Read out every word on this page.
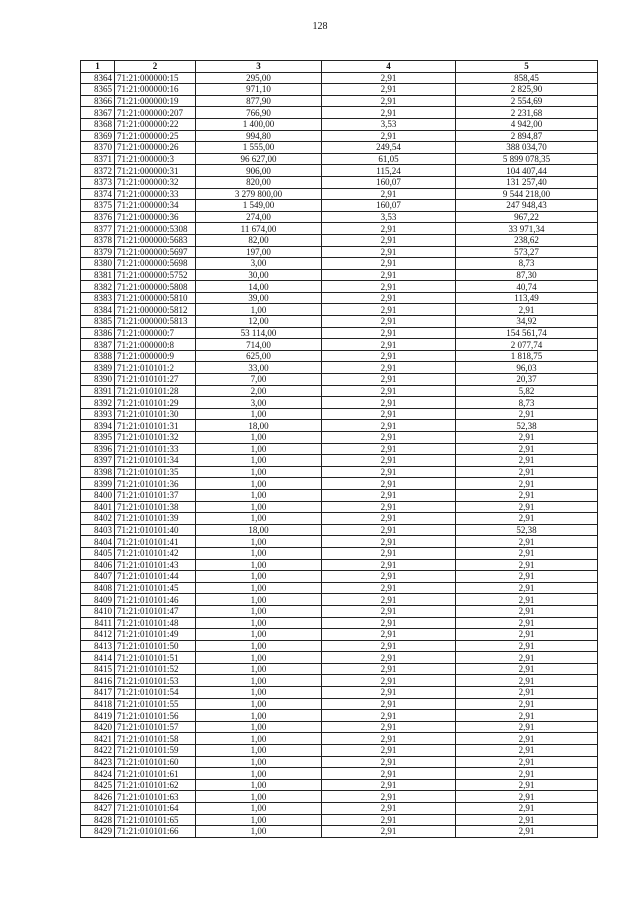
128
1	2	3	4	5
8364	71:21:000000:15	295,00	2,91	858,45
8365	71:21:000000:16	971,10	2,91	2 825,90
8366	71:21:000000:19	877,90	2,91	2 554,69
8367	71:21:000000:207	766,90	2,91	2 231,68
8368	71:21:000000:22	1 400,00	3,53	4 942,00
8369	71:21:000000:25	994,80	2,91	2 894,87
8370	71:21:000000:26	1 555,00	249,54	388 034,70
8371	71:21:000000:3	96 627,00	61,05	5 899 078,35
8372	71:21:000000:31	906,00	115,24	104 407,44
8373	71:21:000000:32	820,00	160,07	131 257,40
8374	71:21:000000:33	3 279 800,00	2,91	9 544 218,00
8375	71:21:000000:34	1 549,00	160,07	247 948,43
8376	71:21:000000:36	274,00	3,53	967,22
8377	71:21:000000:5308	11 674,00	2,91	33 971,34
8378	71:21:000000:5683	82,00	2,91	238,62
8379	71:21:000000:5697	197,00	2,91	573,27
8380	71:21:000000:5698	3,00	2,91	8,73
8381	71:21:000000:5752	30,00	2,91	87,30
8382	71:21:000000:5808	14,00	2,91	40,74
8383	71:21:000000:5810	39,00	2,91	113,49
8384	71:21:000000:5812	1,00	2,91	2,91
8385	71:21:000000:5813	12,00	2,91	34,92
8386	71:21:000000:7	53 114,00	2,91	154 561,74
8387	71:21:000000:8	714,00	2,91	2 077,74
8388	71:21:000000:9	625,00	2,91	1 818,75
8389	71:21:010101:2	33,00	2,91	96,03
8390	71:21:010101:27	7,00	2,91	20,37
8391	71:21:010101:28	2,00	2,91	5,82
8392	71:21:010101:29	3,00	2,91	8,73
8393	71:21:010101:30	1,00	2,91	2,91
8394	71:21:010101:31	18,00	2,91	52,38
8395	71:21:010101:32	1,00	2,91	2,91
8396	71:21:010101:33	1,00	2,91	2,91
8397	71:21:010101:34	1,00	2,91	2,91
8398	71:21:010101:35	1,00	2,91	2,91
8399	71:21:010101:36	1,00	2,91	2,91
8400	71:21:010101:37	1,00	2,91	2,91
8401	71:21:010101:38	1,00	2,91	2,91
8402	71:21:010101:39	1,00	2,91	2,91
8403	71:21:010101:40	18,00	2,91	52,38
8404	71:21:010101:41	1,00	2,91	2,91
8405	71:21:010101:42	1,00	2,91	2,91
8406	71:21:010101:43	1,00	2,91	2,91
8407	71:21:010101:44	1,00	2,91	2,91
8408	71:21:010101:45	1,00	2,91	2,91
8409	71:21:010101:46	1,00	2,91	2,91
8410	71:21:010101:47	1,00	2,91	2,91
8411	71:21:010101:48	1,00	2,91	2,91
8412	71:21:010101:49	1,00	2,91	2,91
8413	71:21:010101:50	1,00	2,91	2,91
8414	71:21:010101:51	1,00	2,91	2,91
8415	71:21:010101:52	1,00	2,91	2,91
8416	71:21:010101:53	1,00	2,91	2,91
8417	71:21:010101:54	1,00	2,91	2,91
8418	71:21:010101:55	1,00	2,91	2,91
8419	71:21:010101:56	1,00	2,91	2,91
8420	71:21:010101:57	1,00	2,91	2,91
8421	71:21:010101:58	1,00	2,91	2,91
8422	71:21:010101:59	1,00	2,91	2,91
8423	71:21:010101:60	1,00	2,91	2,91
8424	71:21:010101:61	1,00	2,91	2,91
8425	71:21:010101:62	1,00	2,91	2,91
8426	71:21:010101:63	1,00	2,91	2,91
8427	71:21:010101:64	1,00	2,91	2,91
8428	71:21:010101:65	1,00	2,91	2,91
8429	71:21:010101:66	1,00	2,91	2,91
